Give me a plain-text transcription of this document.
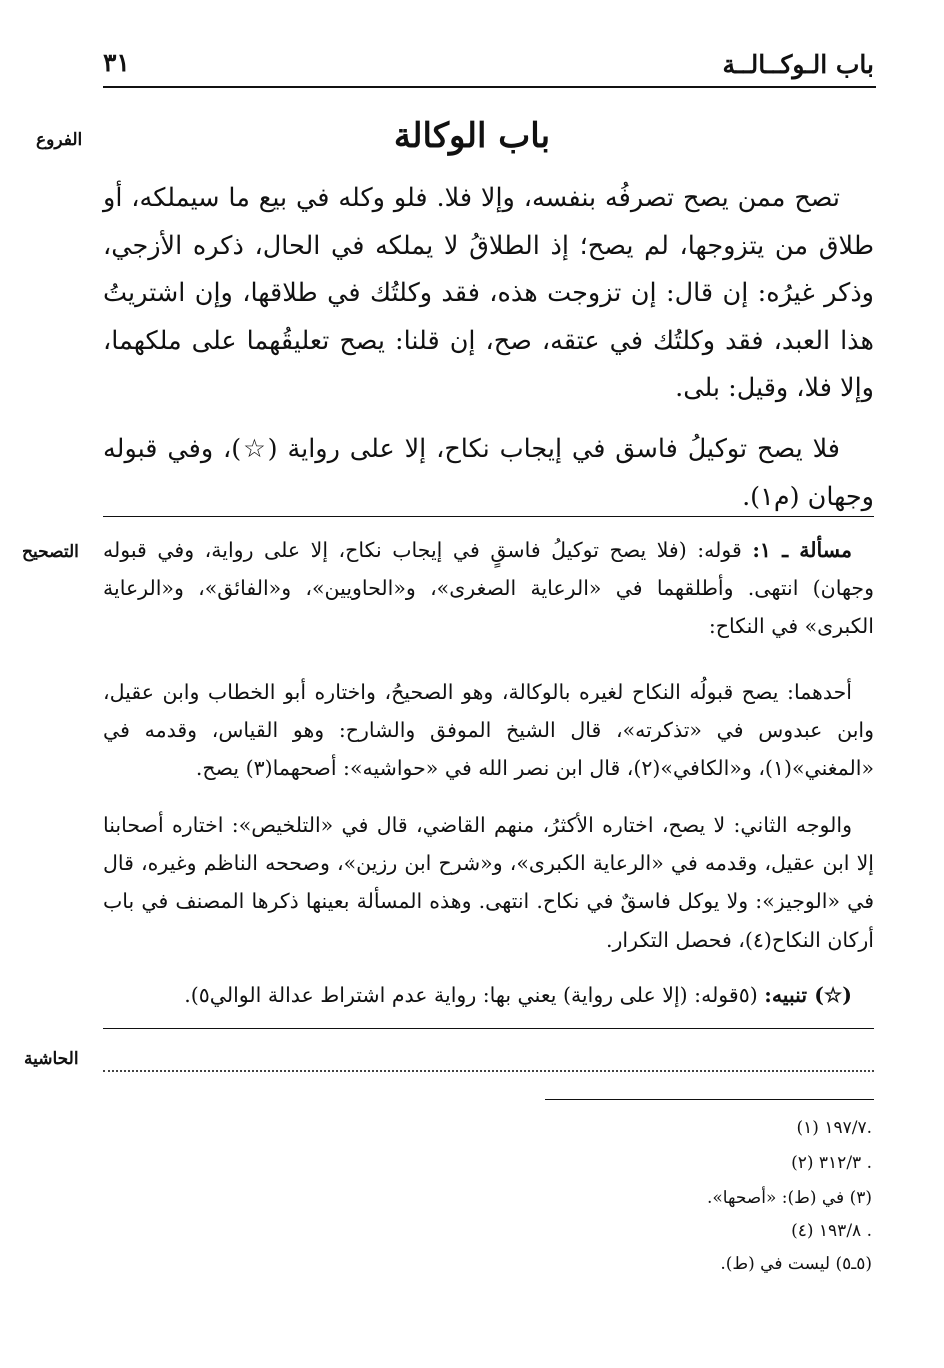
باب الـوكــالــة
٣١
باب الوكالة
الفروع
التصحيح
الحاشية
تصح ممن يصح تصرفُه بنفسه، وإلا فلا. فلو وكله في بيع ما سيملكه، أو طلاق من يتزوجها، لم يصح؛ إذ الطلاقُ لا يملكه في الحال، ذكره الأزجي، وذكر غيرُه: إن قال: إن تزوجت هذه، فقد وكلتُك في طلاقها، وإن اشتريتُ هذا العبد، فقد وكلتُك في عتقه، صح، إن قلنا: يصح تعليقُهما على ملكهما، وإلا فلا، وقيل: بلى.
فلا يصح توكيلُ فاسق في إيجاب نكاح، إلا على رواية (☆)، وفي قبوله وجهان (م١).
مسألة ـ ١: قوله: (فلا يصح توكيلُ فاسقٍ في إيجاب نكاح، إلا على رواية، وفي قبوله وجهان) انتهى. وأطلقهما في «الرعاية الصغرى»، و«الحاويين»، و«الفائق»، و«الرعاية الكبرى» في النكاح:
أحدهما: يصح قبولُه النكاح لغيره بالوكالة، وهو الصحيحُ، واختاره أبو الخطاب وابن عقيل، وابن عبدوس في «تذكرته»، قال الشيخ الموفق والشارح: وهو القياس، وقدمه في «المغني»(١)، و«الكافي»(٢)، قال ابن نصر الله في «حواشيه»: أصحهما(٣) يصح.
والوجه الثاني: لا يصح، اختاره الأكثرُ، منهم القاضي، قال في «التلخيص»: اختاره أصحابنا إلا ابن عقيل، وقدمه في «الرعاية الكبرى»، و«شرح ابن رزين»، وصححه الناظم وغيره، قال في «الوجيز»: ولا يوكل فاسقٌ في نكاح. انتهى. وهذه المسألة بعينها ذكرها المصنف في باب أركان النكاح(٤)، فحصل التكرار.
(☆) تنبيه: (٥قوله: (إلا على رواية) يعني بها: رواية عدم اشتراط عدالة الوالي٥).
(١) ١٩٧/٧.
(٢) ٣١٢/٣ .
(٣) في (ط): «أصحها».
(٤) ١٩٣/٨ .
(٥ـ٥) ليست في (ط).
